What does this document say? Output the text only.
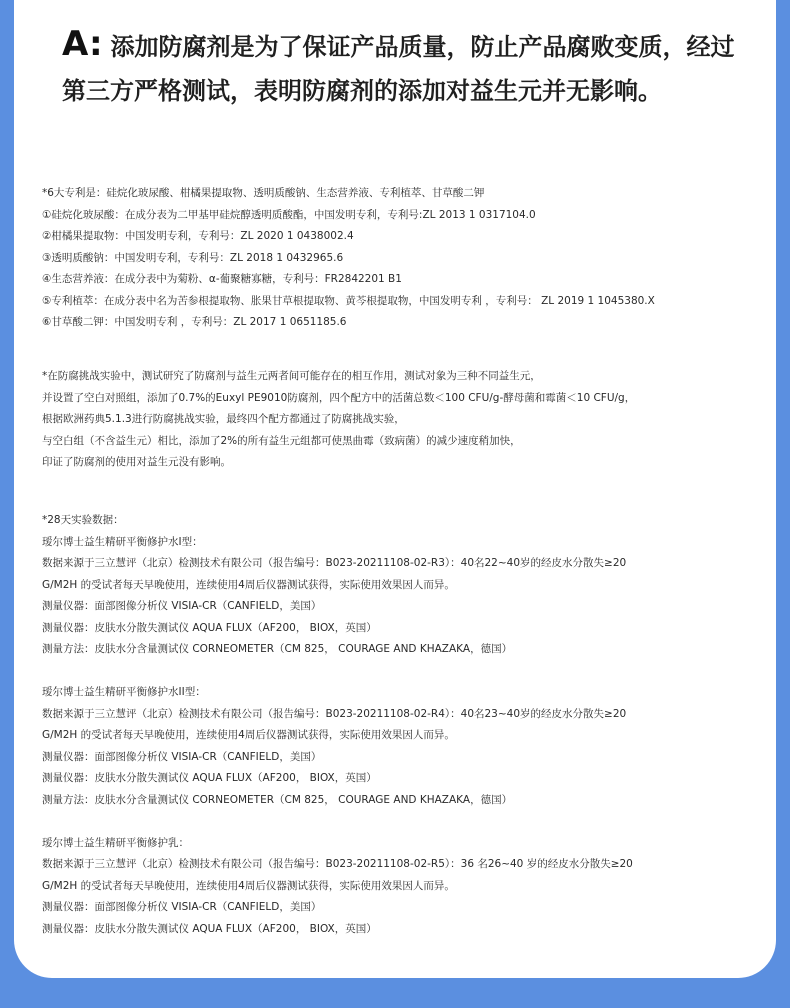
A: 添加防腐剂是为了保证产品质量，防止产品腐败变质，经过
第三方严格测试，表明防腐剂的添加对益生元并无影响。

*6大专利是：硅烷化玻尿酸、柑橘果提取物、透明质酸钠、生态营养液、专利植萃、甘草酸二钾

①硅烷化玻尿酸：在成分表为二甲基甲硅烷醇透明质酸酯，中国发明专利，专利号:ZL 2013 1 0317104.0

②柑橘果提取物：中国发明专利，专利号：ZL 2020 1 0438002.4

③透明质酸钠：中国发明专利，专利号：ZL 2018 1 0432965.6

④生态营养液：在成分表中为菊粉、α-葡聚糖寡糖，专利号：FR2842201 B1

⑤专利植萃：在成分表中名为苦参根提取物、胀果甘草根提取物、黄芩根提取物，中国发明专利 ，专利号： ZL 2019 1 1045380.X

⑥甘草酸二钾：中国发明专利 ，专利号：ZL 2017 1 0651185.6

*在防腐挑战实验中，测试研究了防腐剂与益生元两者间可能存在的相互作用，测试对象为三种不同益生元，

并设置了空白对照组，添加了0.7%的Euxyl PE9010防腐剂，四个配方中的活菌总数＜100 CFU/g-酵母菌和霉菌＜10 CFU/g，

根据欧洲药典5.1.3进行防腐挑战实验，最终四个配方都通过了防腐挑战实验，

与空白组（不含益生元）相比，添加了2%的所有益生元组都可使黑曲霉（致病菌）的减少速度稍加快，

印证了防腐剂的使用对益生元没有影响。

*28天实验数据：

瑷尔博士益生精研平衡修护水I型：

数据来源于三立慧评（北京）检测技术有限公司（报告编号：B023-20211108-02-R3）：40名22~40岁的经皮水分散失≥20

G/M2H 的受试者每天早晚使用，连续使用4周后仪器测试获得，实际使用效果因人而异。

测量仪器：面部图像分析仪 VISIA-CR（CANFIELD，美国）

测量仪器：皮肤水分散失测试仪 AQUA FLUX（AF200， BIOX，英国）

测量方法：皮肤水分含量测试仪 CORNEOMETER（CM 825， COURAGE AND KHAZAKA，德国）

瑷尔博士益生精研平衡修护水II型：

数据来源于三立慧评（北京）检测技术有限公司（报告编号：B023-20211108-02-R4）：40名23~40岁的经皮水分散失≥20

G/M2H 的受试者每天早晚使用，连续使用4周后仪器测试获得，实际使用效果因人而异。

测量仪器：面部图像分析仪 VISIA-CR（CANFIELD，美国）

测量仪器：皮肤水分散失测试仪 AQUA FLUX（AF200， BIOX，英国）

测量方法：皮肤水分含量测试仪 CORNEOMETER（CM 825， COURAGE AND KHAZAKA，德国）

瑷尔博士益生精研平衡修护乳：

数据来源于三立慧评（北京）检测技术有限公司（报告编号：B023-20211108-02-R5）：36 名26~40 岁的经皮水分散失≥20

G/M2H 的受试者每天早晚使用，连续使用4周后仪器测试获得，实际使用效果因人而异。

测量仪器：面部图像分析仪 VISIA-CR（CANFIELD，美国）

测量仪器：皮肤水分散失测试仪 AQUA FLUX（AF200， BIOX，英国）
